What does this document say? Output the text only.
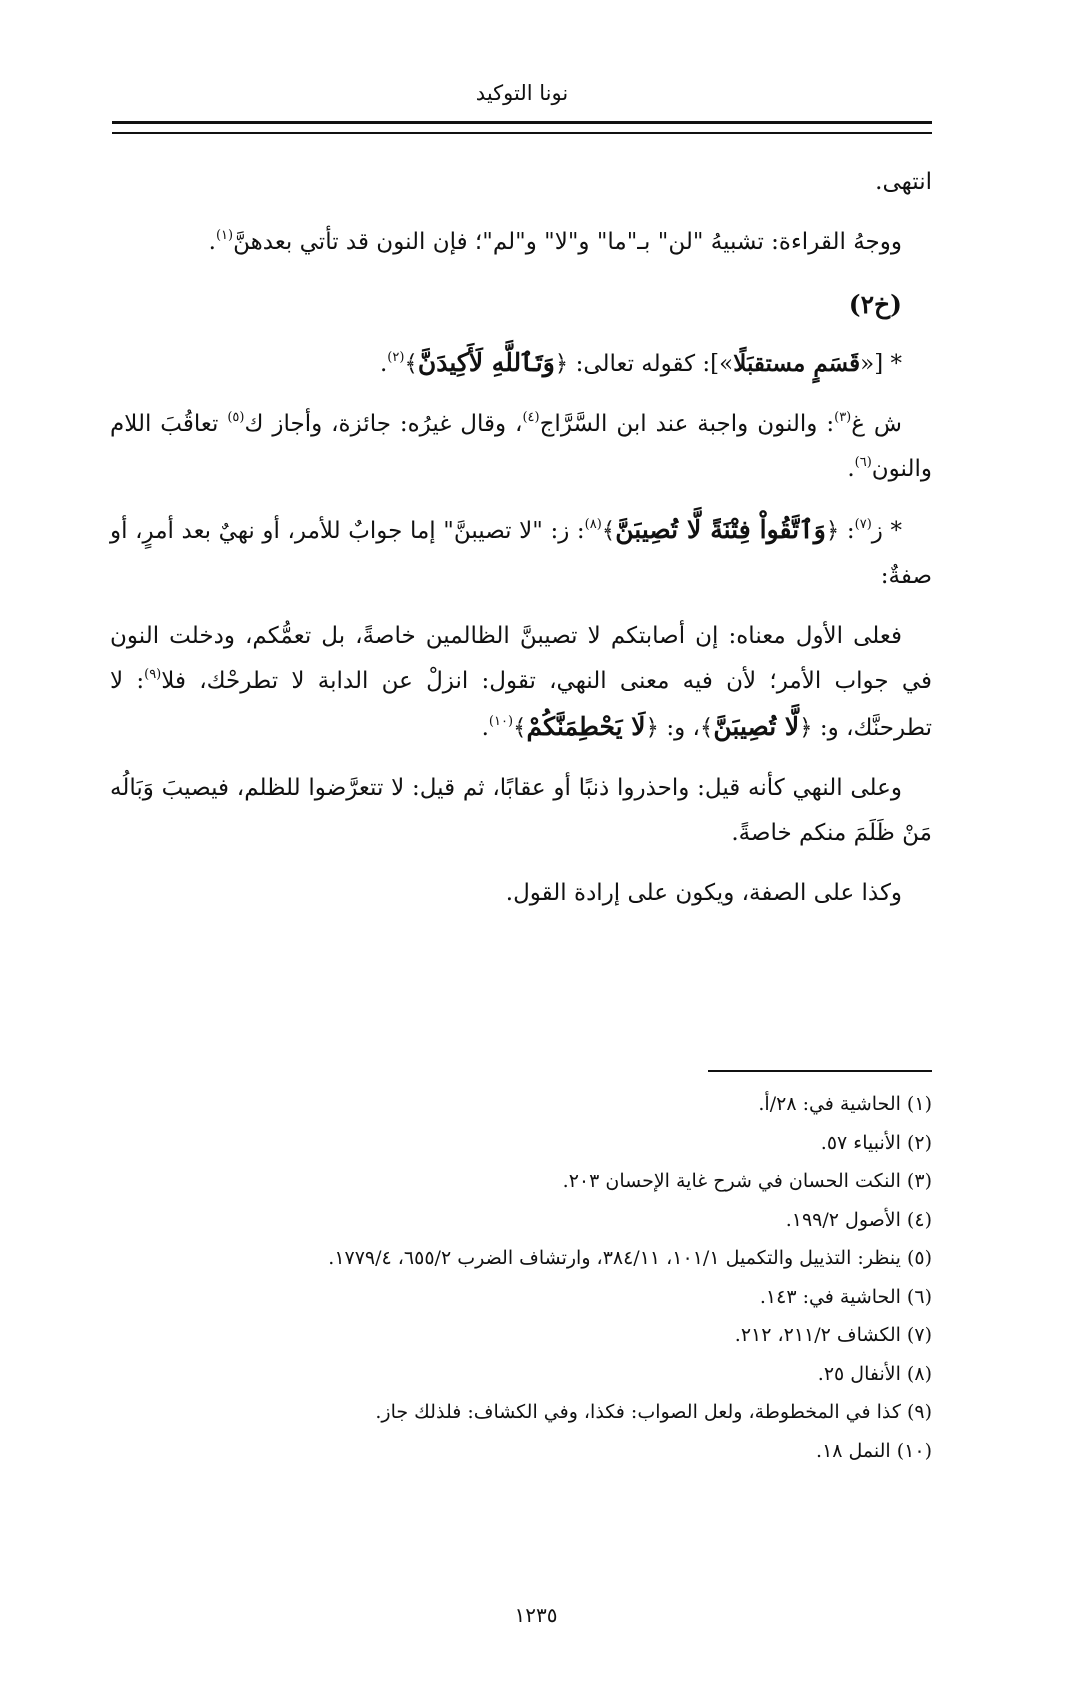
نونا التوكيد

انتهى.

ووجهُ القراءة: تشبيهُ "لن" بـ"ما" و"لا" و"لم"؛ فإن النون قد تأتي بعدهنَّ$^{(١)}$.

(خ٢)

* [«قَسَمٍ مستقبَلًا»]: كقوله تعالى: ﴿وَتَٱللَّهِ لَأَكِيدَنَّ﴾$^{(٢)}$.

ش غ$^{(٣)}$: والنون واجبة عند ابن السَّرَّاج$^{(٤)}$، وقال غيرُه: جائزة، وأجاز ك$^{(٥)}$ تعاقُبَ اللام والنون$^{(٦)}$.

* ز$^{(٧)}$: ﴿وَٱتَّقُواْ فِتْنَةً لَّا تُصِيبَنَّ﴾$^{(٨)}$: ز: "لا تصيبنَّ" إما جوابٌ للأمر، أو نهيٌ بعد أمرٍ، أو صفةٌ:

فعلى الأول معناه: إن أصابتكم لا تصيبنَّ الظالمين خاصةً، بل تعمُّكم، ودخلت النون في جواب الأمر؛ لأن فيه معنى النهي، تقول: انزلْ عن الدابة لا تطرحْك، فلا$^{(٩)}$: لا تطرحنَّك، و: ﴿لَّا تُصِيبَنَّ﴾، و: ﴿لَا يَحْطِمَنَّكُمْ﴾$^{(١٠)}$.

وعلى النهي كأنه قيل: واحذروا ذنبًا أو عقابًا، ثم قيل: لا تتعرَّضوا للظلم، فيصيبَ وَبَالُه مَنْ ظَلَمَ منكم خاصةً.

وكذا على الصفة، ويكون على إرادة القول.

(١) الحاشية في: ٢٨/أ.

(٢) الأنبياء ٥٧.

(٣) النكت الحسان في شرح غاية الإحسان ٢٠٣.

(٤) الأصول ١٩٩/٢.

(٥) ينظر: التذييل والتكميل ١٠١/١، ٣٨٤/١١، وارتشاف الضرب ٦٥٥/٢، ١٧٧٩/٤.

(٦) الحاشية في: ١٤٣.

(٧) الكشاف ٢١١/٢، ٢١٢.

(٨) الأنفال ٢٥.

(٩) كذا في المخطوطة، ولعل الصواب: فكذا، وفي الكشاف: فلذلك جاز.

(١٠) النمل ١٨.

١٢٣٥
